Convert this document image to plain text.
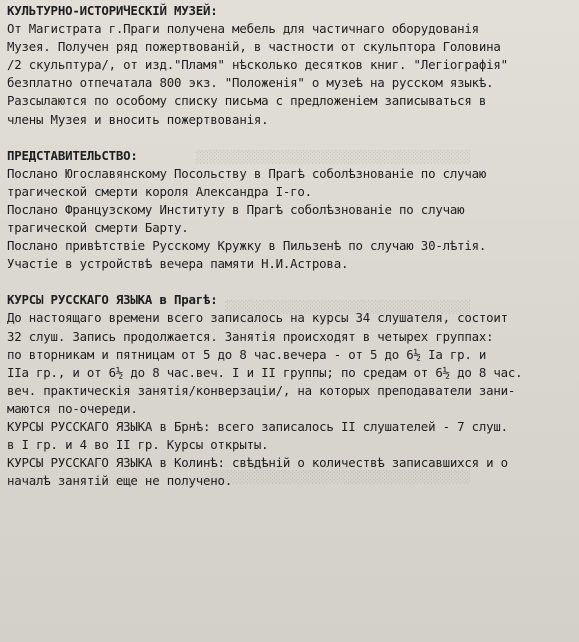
░░░░░░░░░░░░░░░░░░░░░░░░░░░░░░░░░░░░░░
░░░░░░░░░░░░░░░░░░░░░░░░░░░░░░░░░░
░░░░░░░░░░░░░░░░░░░░░░░░░░░░░░░░░░░░
КУЛЬТУРНО-ИСТОРИЧЕСКІЙ МУЗЕЙ:
От Магистрата г.Праги получена мебель для частичнаго оборудованія
Музея. Получен ряд пожертвованій, в частности от скульптора Головина
/2 скульптура/, от изд."Пламя" нѣсколько десятков книг. "Легіографія"
безплатно отпечатала 800 экз. "Положенія" о музеѣ на русском языкѣ.
Разсылаются по особому списку письма с предложеніем записываться в
члены Музея и вносить пожертвованія.
ПРЕДСТАВИТЕЛЬСТВО:
Послано Югославянскому Посольству в Прагѣ соболѣзнованіе по случаю
трагической смерти короля Александра І-го.
Послано Французскому Институту в Прагѣ соболѣзнованіе по случаю
трагической смерти Барту.
Послано привѣтствіе Русскому Кружку в Пильзенѣ по случаю 30-лѣтія.
Участіе в устройствѣ вечера памяти Н.И.Астрова.
КУРСЫ РУССКАГО ЯЗЫКА в Прагѣ:
До настоящаго времени всего записалось на курсы 34 слушателя, состоит
32 слуш. Запись продолжается. Занятія происходят в четырех группах:
по вторникам и пятницам от 5 до 8 час.вечера - от 5 до 6½ Іа гр. и
ІІа гр., и от 6½ до 8 час.веч. І и ІІ группы; по средам от 6½ до 8 час.
веч. практическія занятія/конверзаціи/, на которых преподаватели зани-
маются по-очереди.
КУРСЫ РУССКАГО ЯЗЫКА в Брнѣ: всего записалось ІІ слушателей - 7 слуш.
в І гр. и 4 во ІІ гр. Курсы открыты.
КУРСЫ РУССКАГО ЯЗЫКА в Колинѣ: свѣдѣній о количествѣ записавшихся и о
началѣ занятій еще не получено.
